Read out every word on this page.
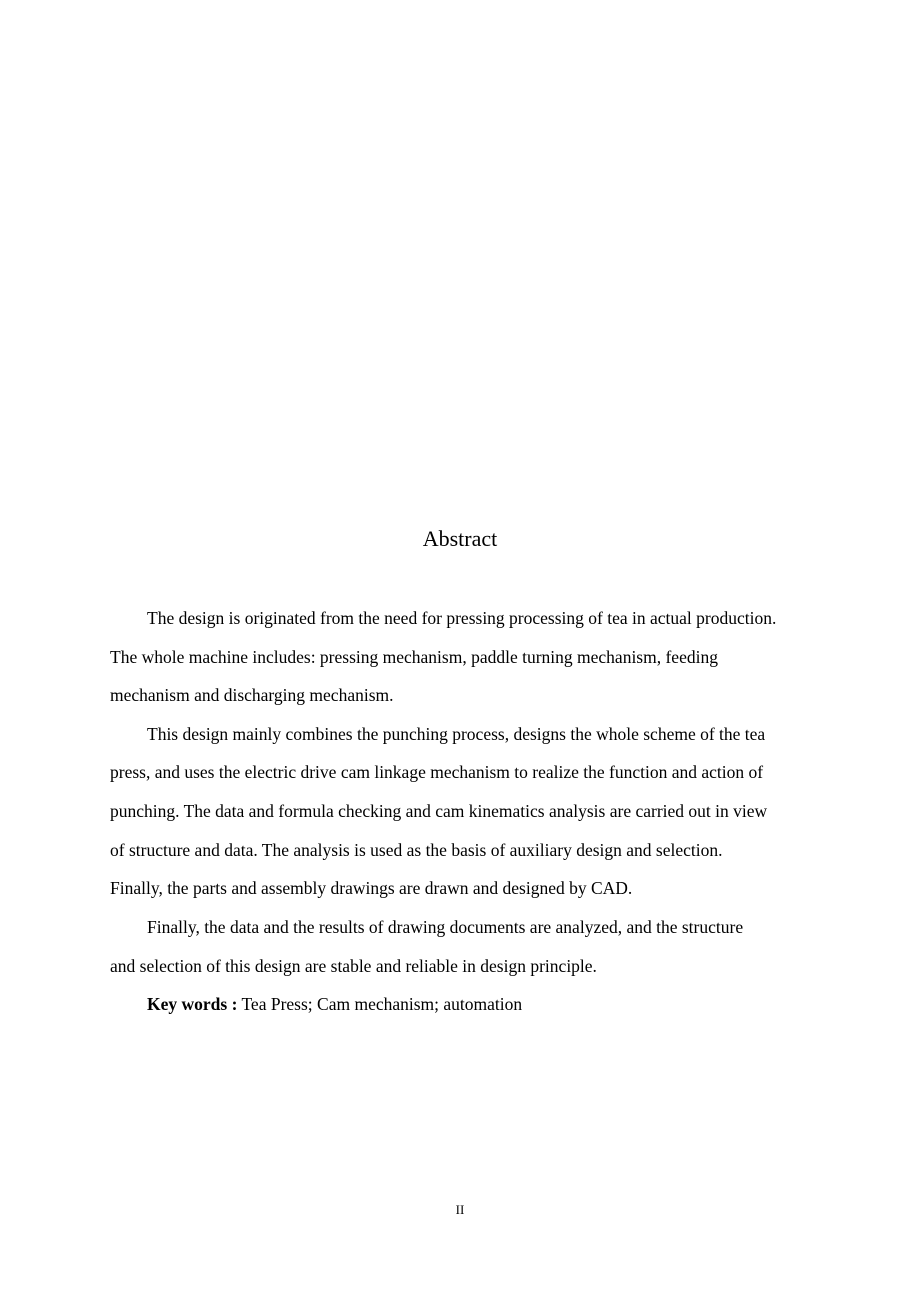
Abstract

The design is originated from the need for pressing processing of tea in actual production.

The whole machine includes: pressing mechanism, paddle turning mechanism, feeding

mechanism and discharging mechanism.

This design mainly combines the punching process, designs the whole scheme of the tea

press, and uses the electric drive cam linkage mechanism to realize the function and action of

punching. The data and formula checking and cam kinematics analysis are carried out in view

of structure and data. The analysis is used as the basis of auxiliary design and selection.

Finally, the parts and assembly drawings are drawn and designed by CAD.

Finally, the data and the results of drawing documents are analyzed, and the structure

and selection of this design are stable and reliable in design principle.

Key words : Tea Press; Cam mechanism; automation

II
